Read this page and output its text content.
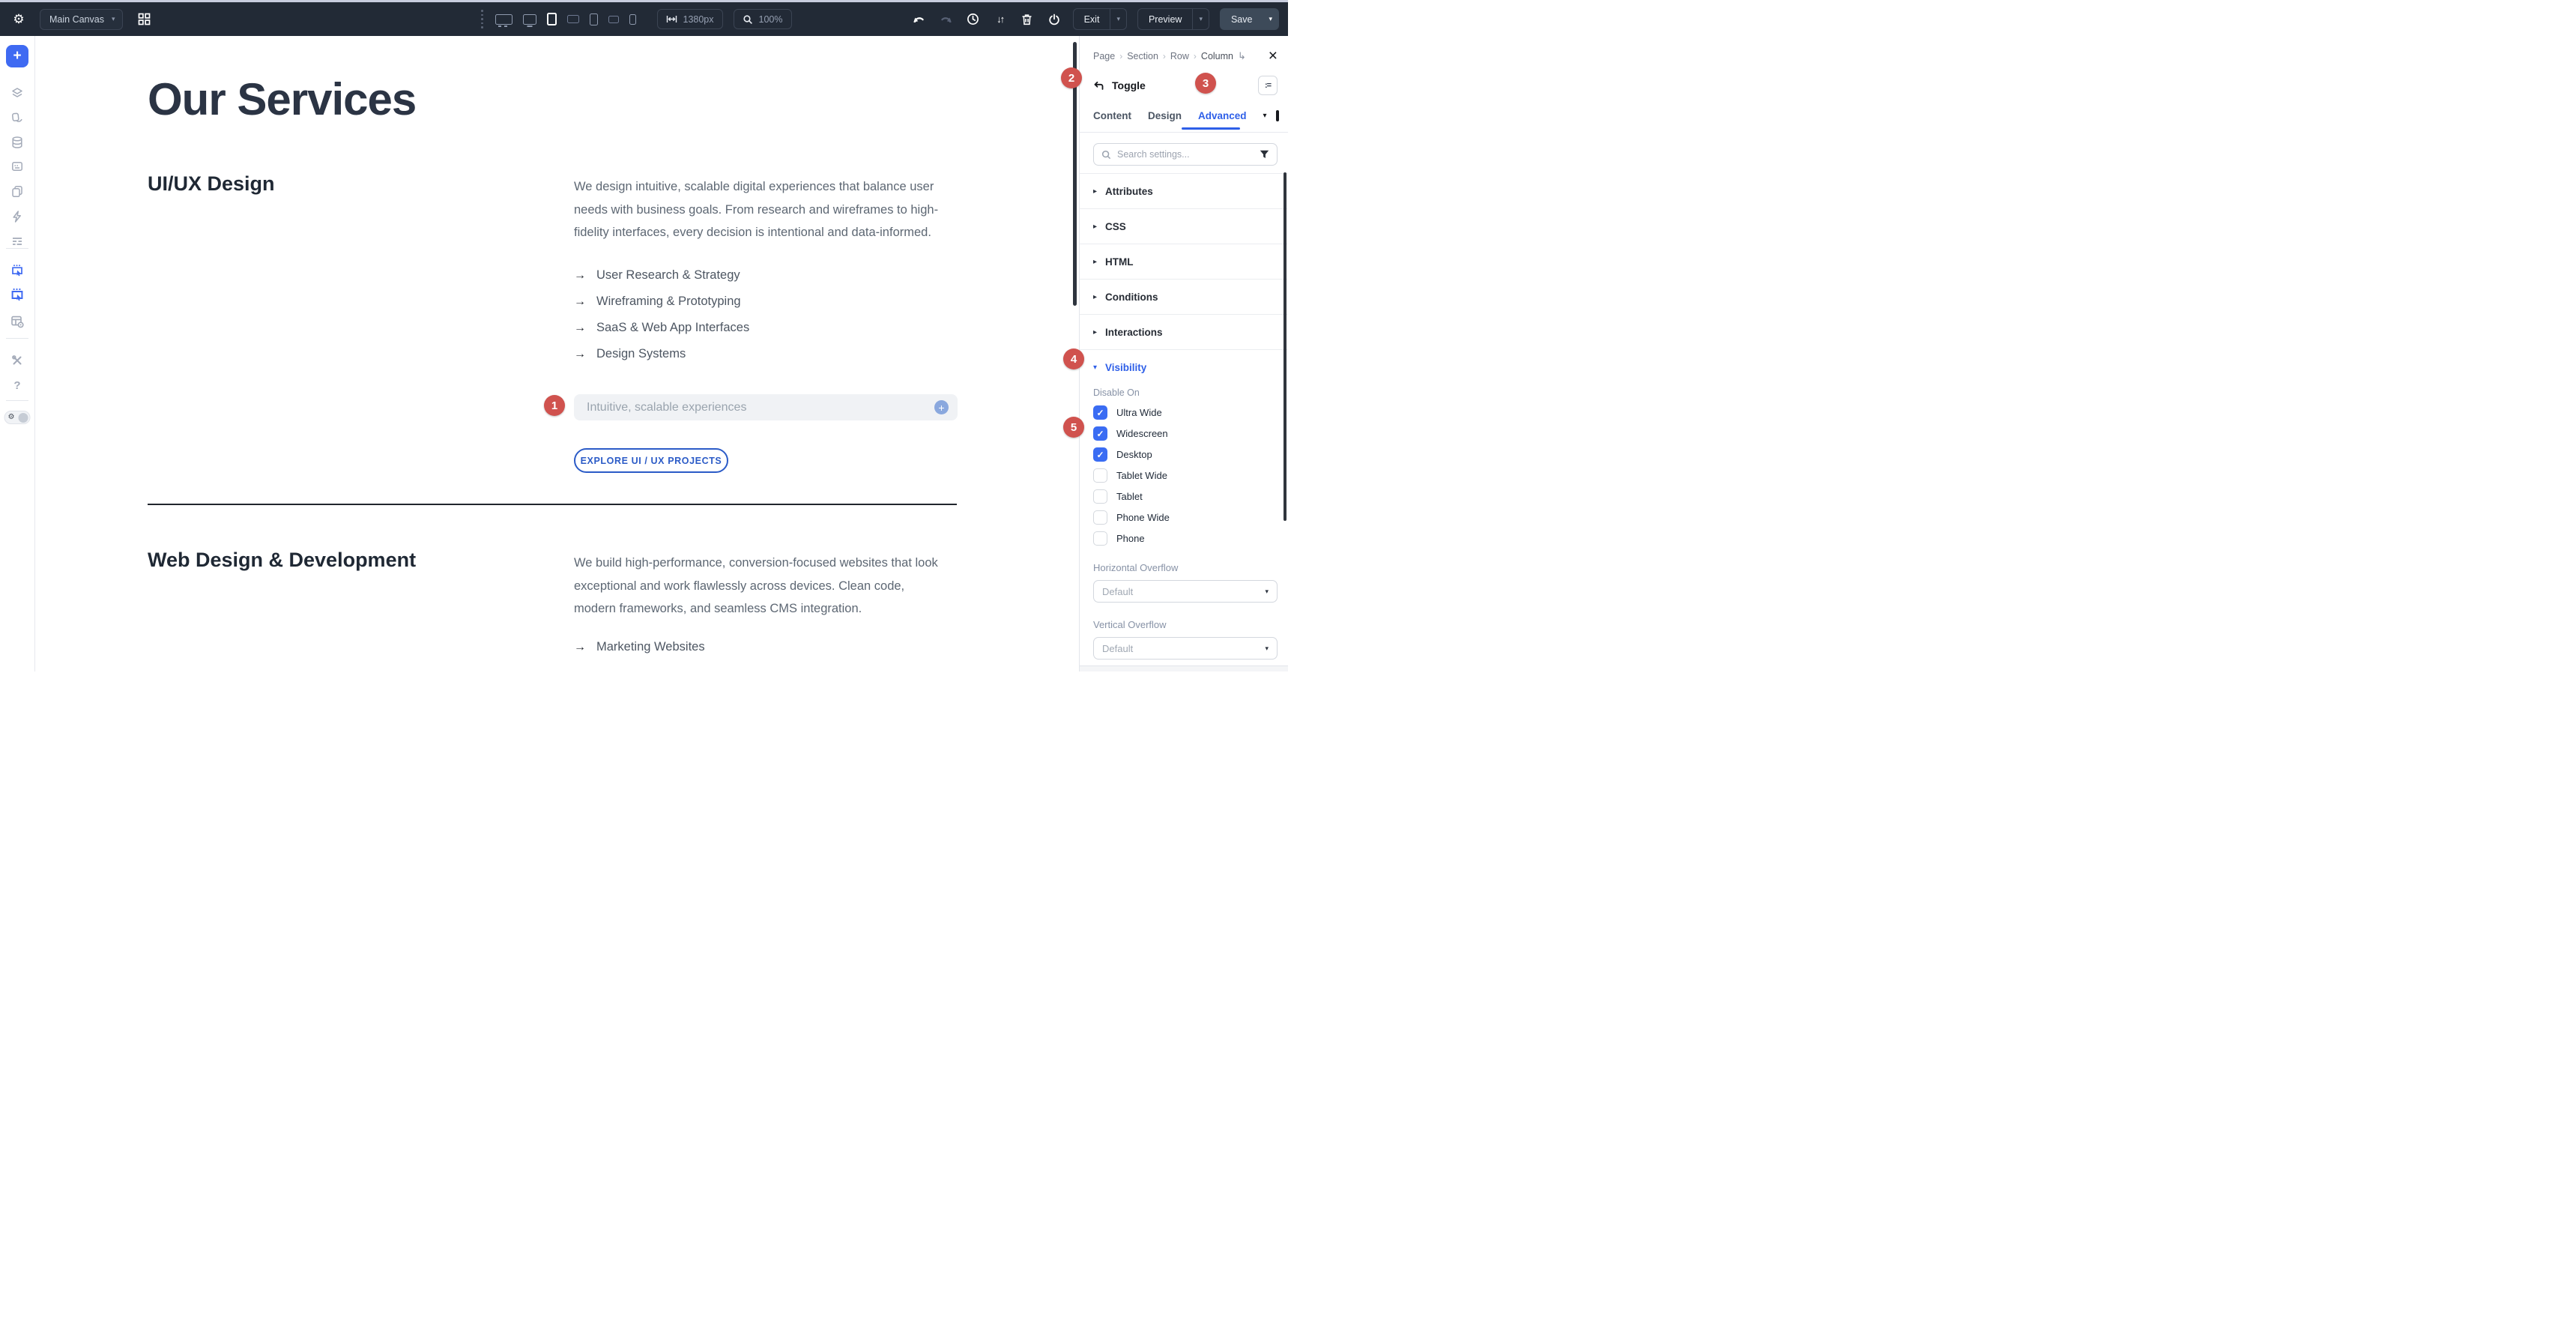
⚙	Main Canvas ▾	1380px	100%	↓↑	Exit	▾	Preview	▾	Save	▾
+
?
⚙
Our Services
UI/UX Design	We design intuitive, scalable digital experiences that balance user needs with business goals. From research and wireframes to high-fidelity interfaces, every decision is intentional and data-informed.

→ User Research & Strategy
→ Wireframing & Prototyping
→ SaaS & Web App Interfaces
→ Design Systems
Intuitive, scalable experiences	+
EXPLORE UI / UX PROJECTS
Web Design & Development	We build high-performance, conversion-focused websites that look exceptional and work flawlessly across devices. Clean code, modern frameworks, and seamless CMS integration.

→ Marketing Websites
Page › Section › Row › Column ↳ ×
Toggle	:=
Content Design Advanced ▾
Search settings...
▸ Attributes
▸ CSS
▸ HTML
▸ Conditions
▸ Interactions
▾ Visibility
Disable On
✓	Ultra Wide
✓	Widescreen
✓	Desktop
Tablet Wide
Tablet
Phone Wide
Phone
Horizontal Overflow
Default	▾
Vertical Overflow
Default	▾
1
2	3
4
5
